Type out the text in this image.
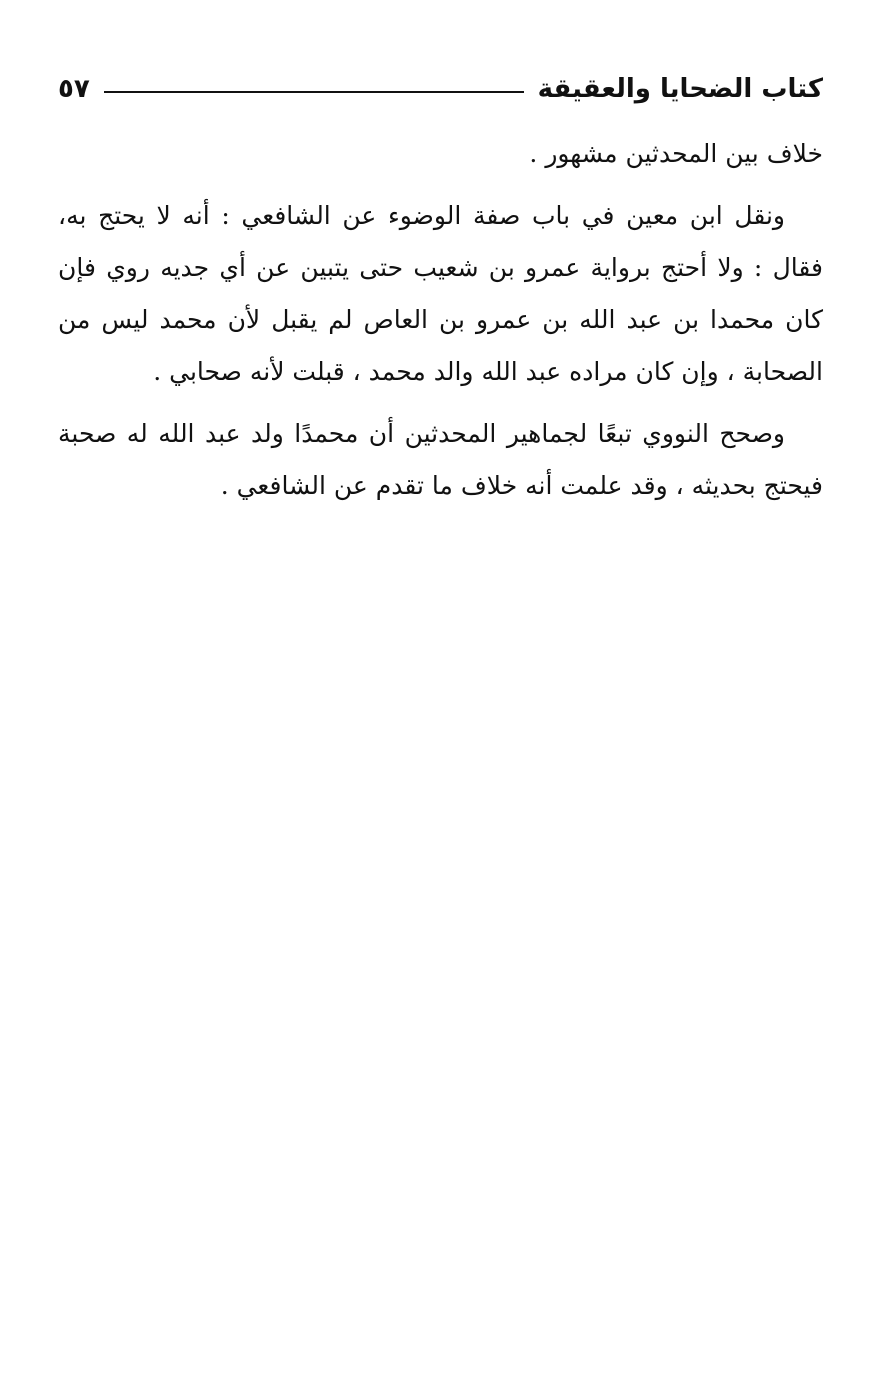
كتاب الضحايا والعقيقة
٥٧

خلاف بين المحدثين مشهور .

ونقل ابن معين في باب صفة الوضوء عن الشافعي : أنه لا يحتج به، فقال : ولا أحتج برواية عمرو بن شعيب حتى يتبين عن أي جديه روي فإن كان محمدا بن عبد الله بن عمرو بن العاص لم يقبل لأن محمد ليس من الصحابة ، وإن كان مراده عبد الله والد محمد ، قبلت لأنه صحابي .

وصحح النووي تبعًا لجماهير المحدثين أن محمدًا ولد عبد الله له صحبة فيحتج بحديثه ، وقد علمت أنه خلاف ما تقدم عن الشافعي .
